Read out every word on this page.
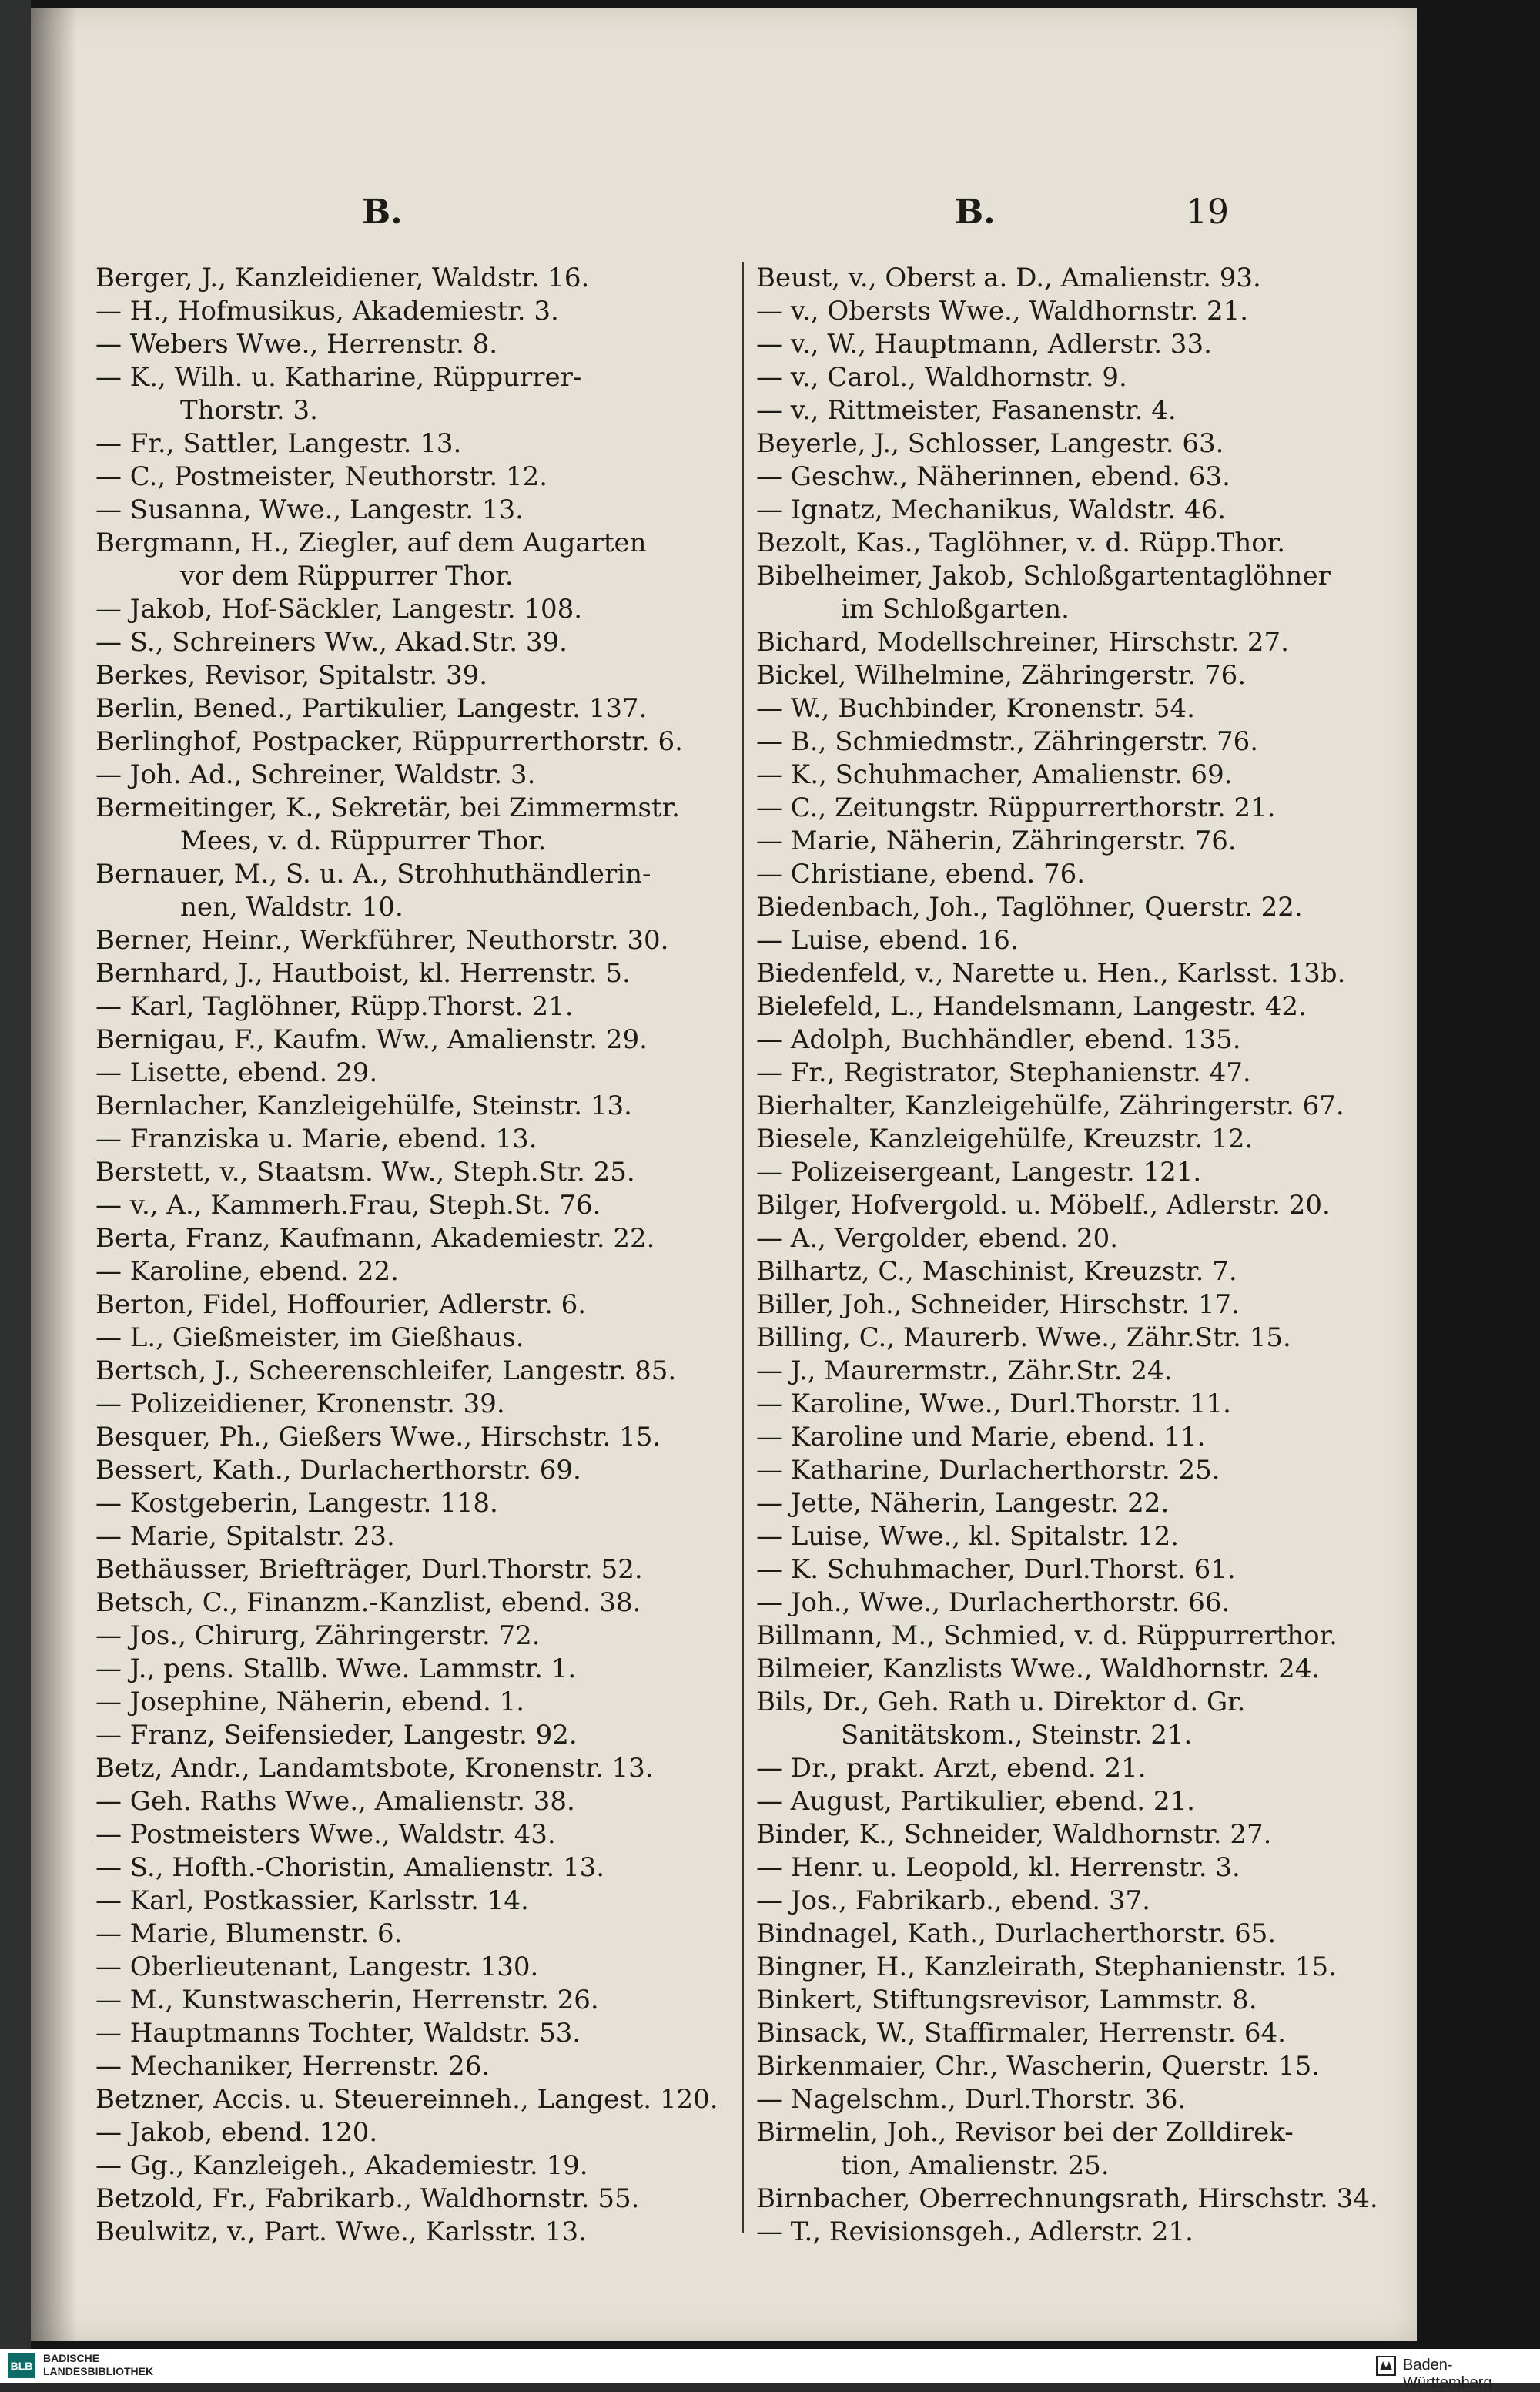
B.	B.	19
Berger, J., Kanzleidiener, Waldstr. 16.
— H., Hofmusikus, Akademiestr. 3.
— Webers Wwe., Herrenstr. 8.
— K., Wilh. u. Katharine, Rüppurrer-
Thorstr. 3.
— Fr., Sattler, Langestr. 13.
— C., Postmeister, Neuthorstr. 12.
— Susanna, Wwe., Langestr. 13.
Bergmann, H., Ziegler, auf dem Augarten
vor dem Rüppurrer Thor.
— Jakob, Hof-Säckler, Langestr. 108.
— S., Schreiners Ww., Akad.Str. 39.
Berkes, Revisor, Spitalstr. 39.
Berlin, Bened., Partikulier, Langestr. 137.
Berlinghof, Postpacker, Rüppurrerthorstr. 6.
— Joh. Ad., Schreiner, Waldstr. 3.
Bermeitinger, K., Sekretär, bei Zimmermstr.
Mees, v. d. Rüppurrer Thor.
Bernauer, M., S. u. A., Strohhuthändlerin-
nen, Waldstr. 10.
Berner, Heinr., Werkführer, Neuthorstr. 30.
Bernhard, J., Hautboist, kl. Herrenstr. 5.
— Karl, Taglöhner, Rüpp.Thorst. 21.
Bernigau, F., Kaufm. Ww., Amalienstr. 29.
— Lisette, ebend. 29.
Bernlacher, Kanzleigehülfe, Steinstr. 13.
— Franziska u. Marie, ebend. 13.
Berstett, v., Staatsm. Ww., Steph.Str. 25.
— v., A., Kammerh.Frau, Steph.St. 76.
Berta, Franz, Kaufmann, Akademiestr. 22.
— Karoline, ebend. 22.
Berton, Fidel, Hoffourier, Adlerstr. 6.
— L., Gießmeister, im Gießhaus.
Bertsch, J., Scheerenschleifer, Langestr. 85.
— Polizeidiener, Kronenstr. 39.
Besquer, Ph., Gießers Wwe., Hirschstr. 15.
Bessert, Kath., Durlacherthorstr. 69.
— Kostgeberin, Langestr. 118.
— Marie, Spitalstr. 23.
Bethäusser, Briefträger, Durl.Thorstr. 52.
Betsch, C., Finanzm.-Kanzlist, ebend. 38.
— Jos., Chirurg, Zähringerstr. 72.
— J., pens. Stallb. Wwe. Lammstr. 1.
— Josephine, Näherin, ebend. 1.
— Franz, Seifensieder, Langestr. 92.
Betz, Andr., Landamtsbote, Kronenstr. 13.
— Geh. Raths Wwe., Amalienstr. 38.
— Postmeisters Wwe., Waldstr. 43.
— S., Hofth.-Choristin, Amalienstr. 13.
— Karl, Postkassier, Karlsstr. 14.
— Marie, Blumenstr. 6.
— Oberlieutenant, Langestr. 130.
— M., Kunstwascherin, Herrenstr. 26.
— Hauptmanns Tochter, Waldstr. 53.
— Mechaniker, Herrenstr. 26.
Betzner, Accis. u. Steuereinneh., Langest. 120.
— Jakob, ebend. 120.
— Gg., Kanzleigeh., Akademiestr. 19.
Betzold, Fr., Fabrikarb., Waldhornstr. 55.
Beulwitz, v., Part. Wwe., Karlsstr. 13.
Beust, v., Oberst a. D., Amalienstr. 93.
— v., Obersts Wwe., Waldhornstr. 21.
— v., W., Hauptmann, Adlerstr. 33.
— v., Carol., Waldhornstr. 9.
— v., Rittmeister, Fasanenstr. 4.
Beyerle, J., Schlosser, Langestr. 63.
— Geschw., Näherinnen, ebend. 63.
— Ignatz, Mechanikus, Waldstr. 46.
Bezolt, Kas., Taglöhner, v. d. Rüpp.Thor.
Bibelheimer, Jakob, Schloßgartentaglöhner
im Schloßgarten.
Bichard, Modellschreiner, Hirschstr. 27.
Bickel, Wilhelmine, Zähringerstr. 76.
— W., Buchbinder, Kronenstr. 54.
— B., Schmiedmstr., Zähringerstr. 76.
— K., Schuhmacher, Amalienstr. 69.
— C., Zeitungstr. Rüppurrerthorstr. 21.
— Marie, Näherin, Zähringerstr. 76.
— Christiane, ebend. 76.
Biedenbach, Joh., Taglöhner, Querstr. 22.
— Luise, ebend. 16.
Biedenfeld, v., Narette u. Hen., Karlsst. 13b.
Bielefeld, L., Handelsmann, Langestr. 42.
— Adolph, Buchhändler, ebend. 135.
— Fr., Registrator, Stephanienstr. 47.
Bierhalter, Kanzleigehülfe, Zähringerstr. 67.
Biesele, Kanzleigehülfe, Kreuzstr. 12.
— Polizeisergeant, Langestr. 121.
Bilger, Hofvergold. u. Möbelf., Adlerstr. 20.
— A., Vergolder, ebend. 20.
Bilhartz, C., Maschinist, Kreuzstr. 7.
Biller, Joh., Schneider, Hirschstr. 17.
Billing, C., Maurerb. Wwe., Zähr.Str. 15.
— J., Maurermstr., Zähr.Str. 24.
— Karoline, Wwe., Durl.Thorstr. 11.
— Karoline und Marie, ebend. 11.
— Katharine, Durlacherthorstr. 25.
— Jette, Näherin, Langestr. 22.
— Luise, Wwe., kl. Spitalstr. 12.
— K. Schuhmacher, Durl.Thorst. 61.
— Joh., Wwe., Durlacherthorstr. 66.
Billmann, M., Schmied, v. d. Rüppurrerthor.
Bilmeier, Kanzlists Wwe., Waldhornstr. 24.
Bils, Dr., Geh. Rath u. Direktor d. Gr.
Sanitätskom., Steinstr. 21.
— Dr., prakt. Arzt, ebend. 21.
— August, Partikulier, ebend. 21.
Binder, K., Schneider, Waldhornstr. 27.
— Henr. u. Leopold, kl. Herrenstr. 3.
— Jos., Fabrikarb., ebend. 37.
Bindnagel, Kath., Durlacherthorstr. 65.
Bingner, H., Kanzleirath, Stephanienstr. 15.
Binkert, Stiftungsrevisor, Lammstr. 8.
Binsack, W., Staffirmaler, Herrenstr. 64.
Birkenmaier, Chr., Wascherin, Querstr. 15.
— Nagelschm., Durl.Thorstr. 36.
Birmelin, Joh., Revisor bei der Zolldirek-
tion, Amalienstr. 25.
Birnbacher, Oberrechnungsrath, Hirschstr. 34.
— T., Revisionsgeh., Adlerstr. 21.
BLB
BADISCHE
LANDESBIBLIOTHEK	Baden-Württemberg
